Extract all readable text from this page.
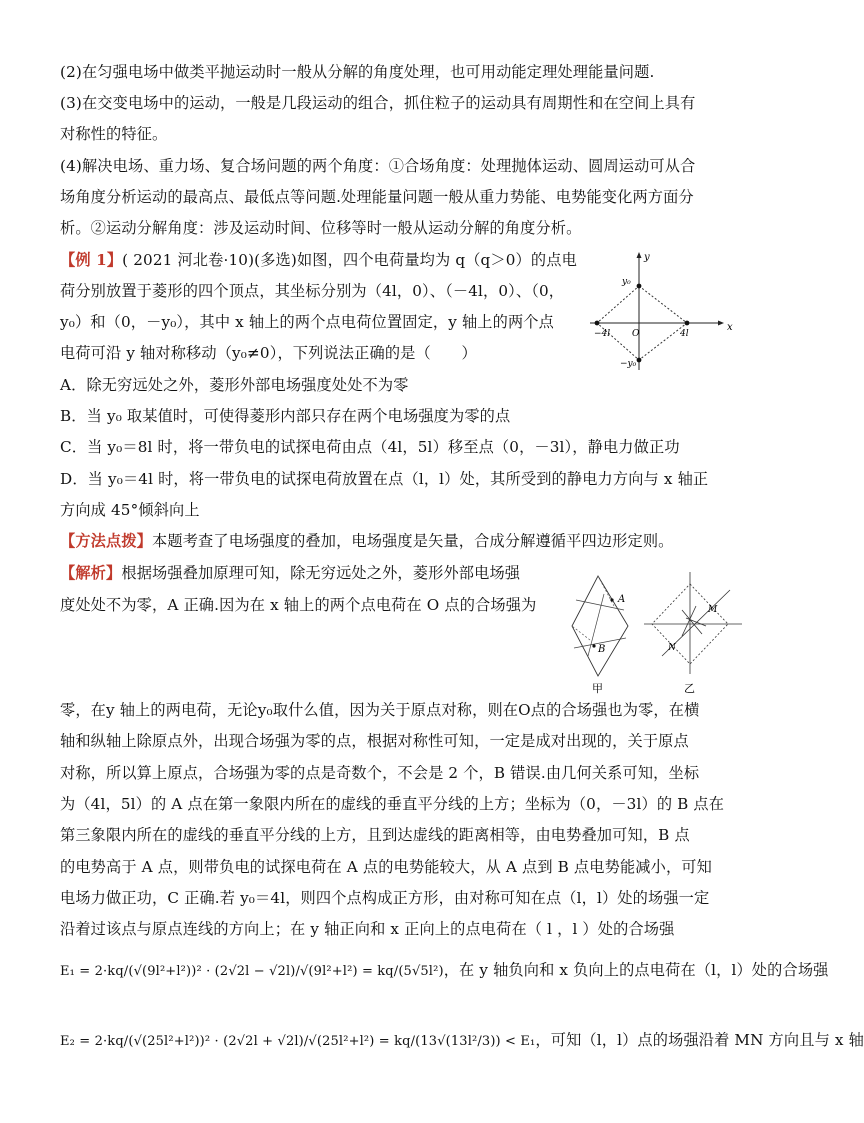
(2)在匀强电场中做类平抛运动时一般从分解的角度处理，也可用动能定理处理能量问题.
(3)在交变电场中的运动，一般是几段运动的组合，抓住粒子的运动具有周期性和在空间上具有
对称性的特征。
(4)解决电场、重力场、复合场问题的两个角度：①合场角度：处理抛体运动、圆周运动可从合
场角度分析运动的最高点、最低点等问题.处理能量问题一般从重力势能、电势能变化两方面分
析。②运动分解角度：涉及运动时间、位移等时一般从运动分解的角度分析。
【例 1】( 2021 河北卷·10)(多选)如图，四个电荷量均为 q（q＞0）的点电
荷分别放置于菱形的四个顶点，其坐标分别为（4l，0）、（－4l，0）、（0，
y₀）和（0，－y₀），其中 x 轴上的两个点电荷位置固定，y 轴上的两个点
电荷可沿 y 轴对称移动（y₀≠0），下列说法正确的是（　　）
A．除无穷远处之外，菱形外部电场强度处处不为零
B．当 y₀ 取某值时，可使得菱形内部只存在两个电场强度为零的点
C．当 y₀＝8l 时，将一带负电的试探电荷由点（4l，5l）移至点（0，－3l），静电力做正功
D．当 y₀＝4l 时，将一带负电的试探电荷放置在点（l，l）处，其所受到的静电力方向与 x 轴正
方向成 45°倾斜向上
【方法点拨】本题考查了电场强度的叠加，电场强度是矢量，合成分解遵循平四边形定则。
【解析】根据场强叠加原理可知，除无穷远处之外，菱形外部电场强
度处处不为零，A 正确.因为在 x 轴上的两个点电荷在 O 点的合场强为
零，在y 轴上的两电荷，无论y₀取什么值，因为关于原点对称，则在O点的合场强也为零，在横
轴和纵轴上除原点外，出现合场强为零的点，根据对称性可知，一定是成对出现的，关于原点
对称，所以算上原点，合场强为零的点是奇数个，不会是 2 个，B 错误.由几何关系可知，坐标
为（4l，5l）的 A 点在第一象限内所在的虚线的垂直平分线的上方；坐标为（0，－3l）的 B 点在
第三象限内所在的虚线的垂直平分线的上方，且到达虚线的距离相等，由电势叠加可知，B 点
的电势高于 A 点，则带负电的试探电荷在 A 点的电势能较大，从 A 点到 B 点电势能减小，可知
电场力做正功，C 正确.若 y₀＝4l，则四个点构成正方形，由对称可知在点（l，l）处的场强一定
沿着过该点与原点连线的方向上；在 y 轴正向和 x 正向上的点电荷在（ l ，l ）处的合场强
E₁ = 2·kq/(√(9l²+l²))² · (2√2l − √2l)/√(9l²+l²) = kq/(5√5l²)，在 y 轴负向和 x 负向上的点电荷在（l，l）处的合场强
E₂ = 2·kq/(√(25l²+l²))² · (2√2l + √2l)/√(25l²+l²) = kq/(13√(13l²/3)) < E₁，可知（l，l）点的场强沿着 MN 方向且与 x 轴
y
x
y₀
−y₀
−4l O	4l
A
B
甲
M
N
乙
